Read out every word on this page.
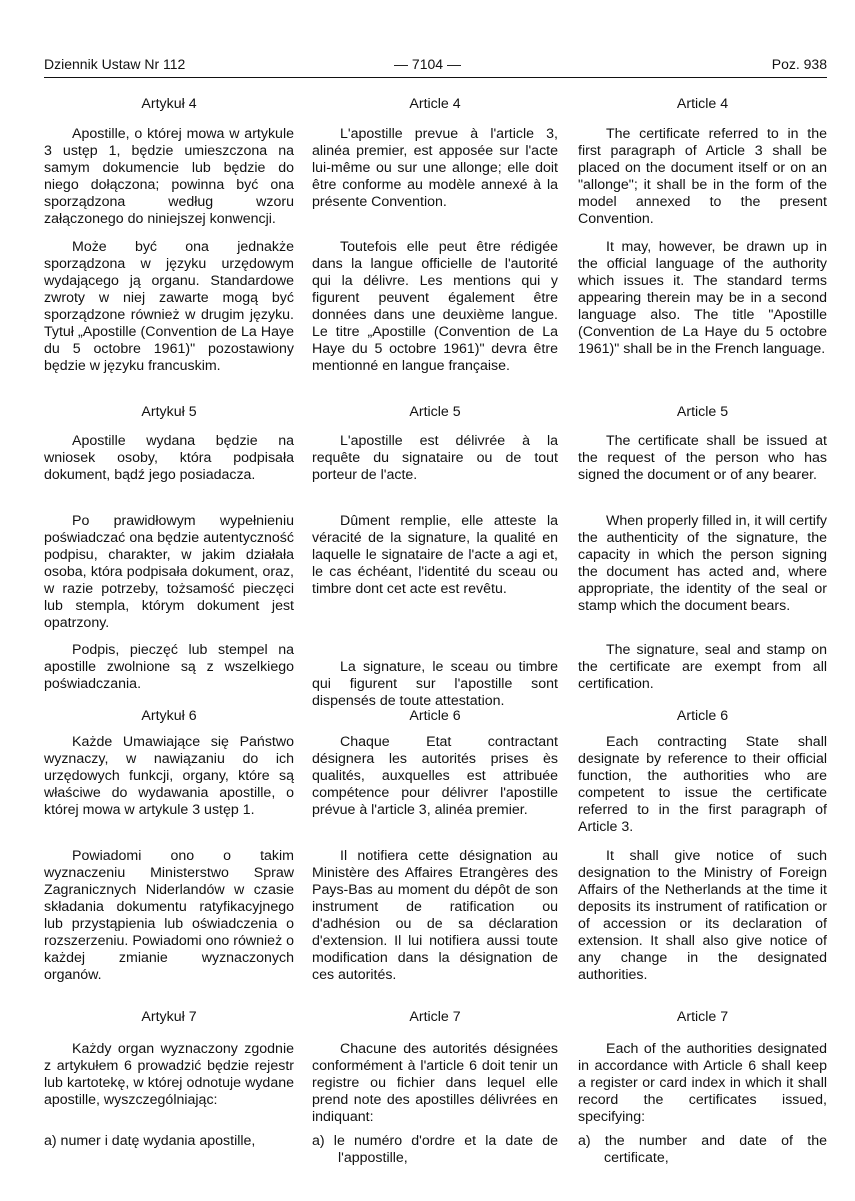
Dziennik Ustaw Nr 112	— 7104 —	Poz. 938

Artykuł 4

Apostille, o której mowa w artykule 3 ustęp 1, będzie umieszczona na samym dokumencie lub będzie do niego dołączona; powinna być ona sporządzona według wzoru załączonego do niniejszej konwencji.

Może być ona jednakże sporządzona w języku urzędowym wydającego ją organu. Standardowe zwroty w niej zawarte mogą być sporządzone również w drugim języku. Tytuł „Apostille (Convention de La Haye du 5 octobre 1961)" pozostawiony będzie w języku francuskim.

Artykuł 5

Apostille wydana będzie na wniosek osoby, która podpisała dokument, bądź jego posiadacza.

Po prawidłowym wypełnieniu poświadczać ona będzie autentyczność podpisu, charakter, w jakim działała osoba, która podpisała dokument, oraz, w razie potrzeby, tożsamość pieczęci lub stempla, którym dokument jest opatrzony.

Podpis, pieczęć lub stempel na apostille zwolnione są z wszelkiego poświadczania.

Artykuł 6

Każde Umawiające się Państwo wyznaczy, w nawiązaniu do ich urzędowych funkcji, organy, które są właściwe do wydawania apostille, o której mowa w artykule 3 ustęp 1.

Powiadomi ono o takim wyznaczeniu Ministerstwo Spraw Zagranicznych Niderlandów w czasie składania dokumentu ratyfikacyjnego lub przystąpienia lub oświadczenia o rozszerzeniu. Powiadomi ono również o każdej zmianie wyznaczonych organów.

Artykuł 7

Każdy organ wyznaczony zgodnie z artykułem 6 prowadzić będzie rejestr lub kartotekę, w której odnotuje wydane apostille, wyszczególniając:

a) numer i datę wydania apostille,

Article 4

L'apostille prevue à l'article 3, alinéa premier, est apposée sur l'acte lui-même ou sur une allonge; elle doit être conforme au modèle annexé à la présente Convention.

Toutefois elle peut être rédigée dans la langue officielle de l'autorité qui la délivre. Les mentions qui y figurent peuvent également être données dans une deuxième langue. Le titre „Apostille (Convention de La Haye du 5 octobre 1961)" devra être mentionné en langue française.

Article 5

L'apostille est délivrée à la requête du signataire ou de tout porteur de l'acte.

Dûment remplie, elle atteste la véracité de la signature, la qualité en laquelle le signataire de l'acte a agi et, le cas échéant, l'identité du sceau ou timbre dont cet acte est revêtu.

La signature, le sceau ou timbre qui figurent sur l'apostille sont dispensés de toute attestation.

Article 6

Chaque Etat contractant désignera les autorités prises ès qualités, auxquelles est attribuée compétence pour délivrer l'apostille prévue à l'article 3, alinéa premier.

Il notifiera cette désignation au Ministère des Affaires Etrangères des Pays-Bas au moment du dépôt de son instrument de ratification ou d'adhésion ou de sa déclaration d'extension. Il lui notifiera aussi toute modification dans la désignation de ces autorités.

Article 7

Chacune des autorités désignées conformément à l'article 6 doit tenir un registre ou fichier dans lequel elle prend note des apostilles délivrées en indiquant:

a) le numéro d'ordre et la date de l'appostille,

Article 4

The certificate referred to in the first paragraph of Article 3 shall be placed on the document itself or on an "allonge"; it shall be in the form of the model annexed to the present Convention.

It may, however, be drawn up in the official language of the authority which issues it. The standard terms appearing therein may be in a second language also. The title "Apostille (Convention de La Haye du 5 octobre 1961)" shall be in the French language.

Article 5

The certificate shall be issued at the request of the person who has signed the document or of any bearer.

When properly filled in, it will certify the authenticity of the signature, the capacity in which the person signing the document has acted and, where appropriate, the identity of the seal or stamp which the document bears.

The signature, seal and stamp on the certificate are exempt from all certification.

Article 6

Each contracting State shall designate by reference to their official function, the authorities who are competent to issue the certificate referred to in the first paragraph of Article 3.

It shall give notice of such designation to the Ministry of Foreign Affairs of the Netherlands at the time it deposits its instrument of ratification or of accession or its declaration of extension. It shall also give notice of any change in the designated authorities.

Article 7

Each of the authorities designated in accordance with Article 6 shall keep a register or card index in which it shall record the certificates issued, specifying:

a) the number and date of the certificate,
